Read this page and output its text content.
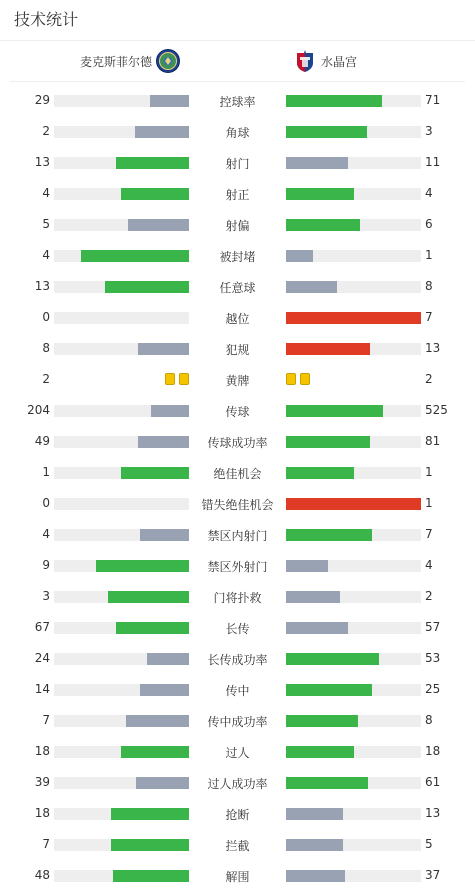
技术统计
麦克斯菲尔德	水晶宫
29	控球率	71
2	角球	3
13	射门	11
4	射正	4
5	射偏	6
4	被封堵	1
13	任意球	8
0	越位	7
8	犯规	13
2	黄牌	2
204	传球	525
49	传球成功率	81
1	绝佳机会	1
0	错失绝佳机会	1
4	禁区内射门	7
9	禁区外射门	4
3	门将扑救	2
67	长传	57
24	长传成功率	53
14	传中	25
7	传中成功率	8
18	过人	18
39	过人成功率	61
18	抢断	13
7	拦截	5
48	解围	37
